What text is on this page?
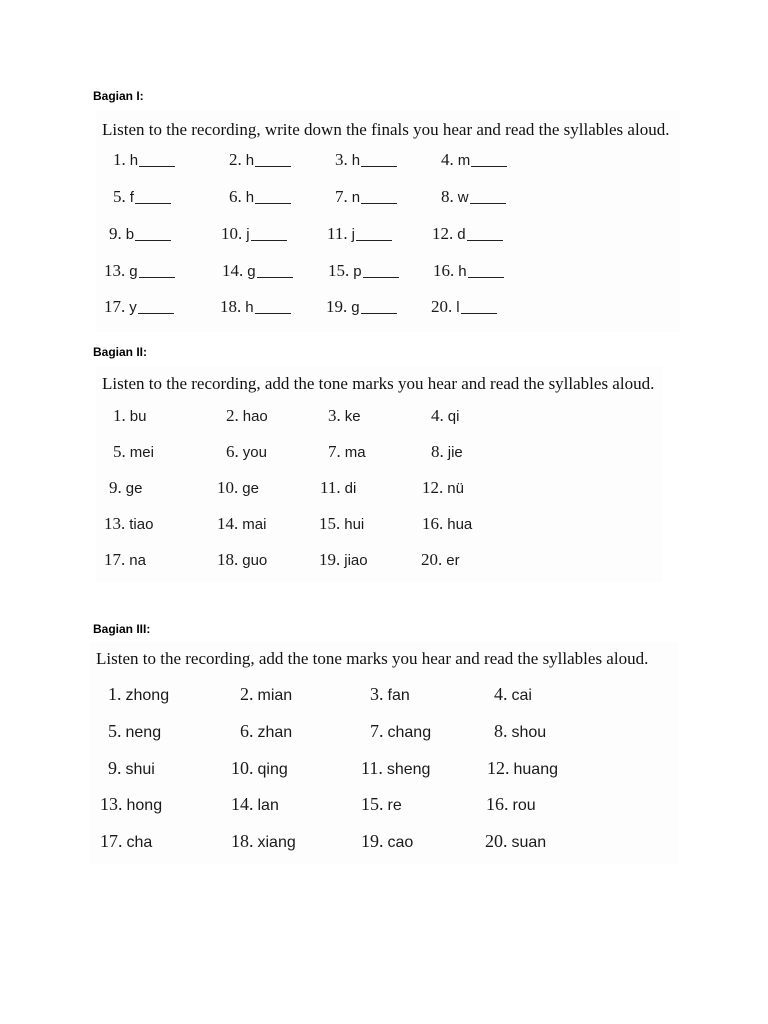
Bagian I:
Listen to the recording, write down the finals you hear and read the syllables aloud.
1. h	2. h	3. h	4. m
5. f	6. h	7. n	8. w
9. b	10. j	11. j	12. d
13. g	14. g	15. p	16. h
17. y	18. h	19. g	20. l
Bagian II:
Listen to the recording, add the tone marks you hear and read the syllables aloud.
1. bu	2. hao	3. ke	4. qi
5. mei	6. you	7. ma	8. jie
9. ge	10. ge	11. di	12. nü
13. tiao	14. mai	15. hui	16. hua
17. na	18. guo	19. jiao	20. er
Bagian III:
Listen to the recording, add the tone marks you hear and read the syllables aloud.
1. zhong	2. mian	3. fan	4. cai
5. neng	6. zhan	7. chang	8. shou
9. shui	10. qing	11. sheng	12. huang
13. hong	14. lan	15. re	16. rou
17. cha	18. xiang	19. cao	20. suan
